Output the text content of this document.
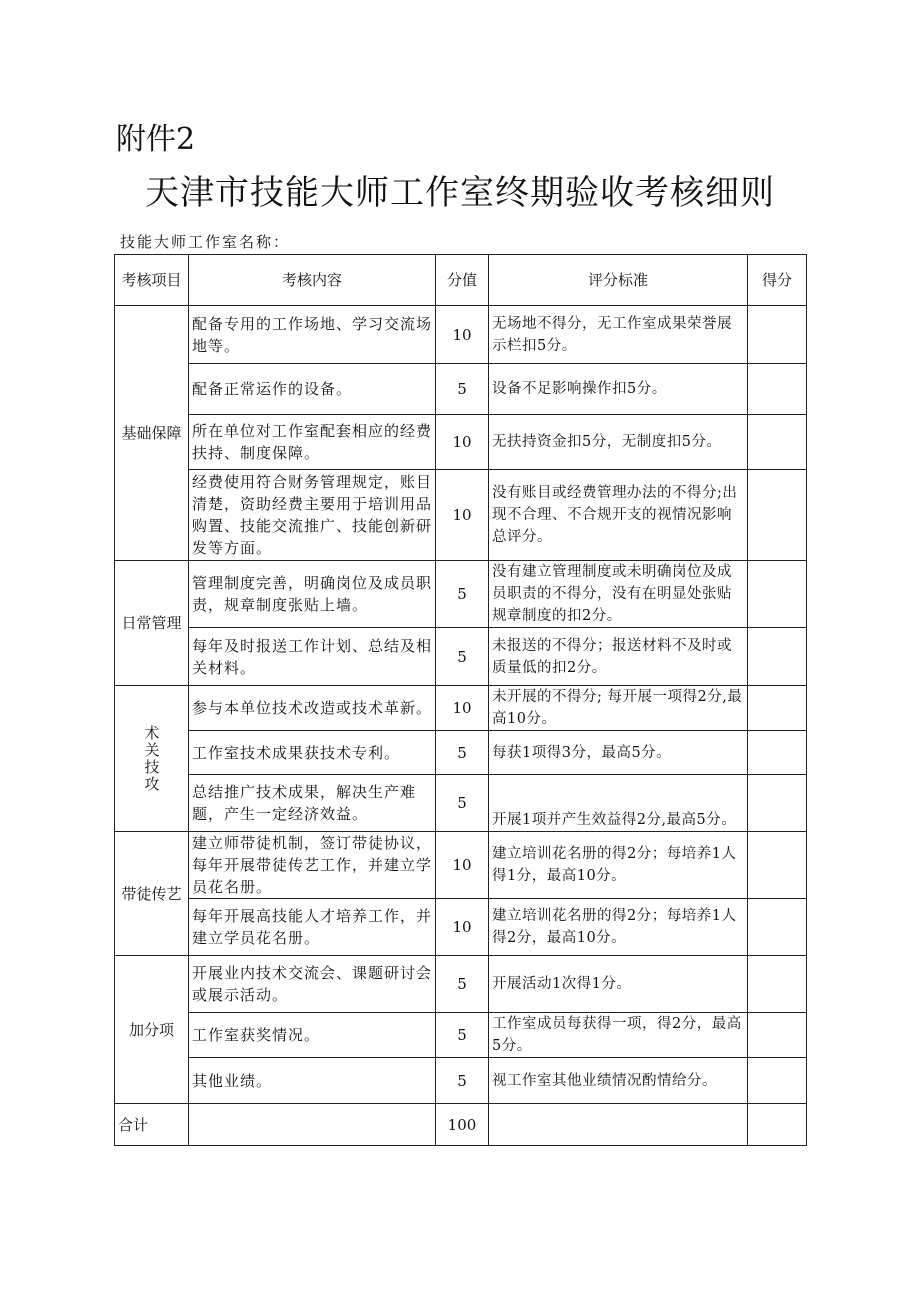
附件2
天津市技能大师工作室终期验收考核细则
技能大师工作室名称：
考核项目	考核内容	分值	评分标准	得分
基础保障	配备专用的工作场地、学习交流场地等。	10	无场地不得分，无工作室成果荣誉展示栏扣5分。	
	配备正常运作的设备。	5	设备不足影响操作扣5分。	
	所在单位对工作室配套相应的经费扶持、制度保障。	10	无扶持资金扣5分，无制度扣5分。	
	经费使用符合财务管理规定，账目清楚，资助经费主要用于培训用品购置、技能交流推广、技能创新研发等方面。	10	没有账目或经费管理办法的不得分;出现不合理、不合规开支的视情况影响总评分。	
日常管理	管理制度完善，明确岗位及成员职责，规章制度张贴上墙。	5	没有建立管理制度或未明确岗位及成员职责的不得分，没有在明显处张贴规章制度的扣2分。	
	每年及时报送工作计划、总结及相关材料。	5	未报送的不得分；报送材料不及时或质量低的扣2分。	
术关技攻	参与本单位技术改造或技术革新。	10	未开展的不得分; 每开展一项得2分,最高10分。	
	工作室技术成果获技术专利。	5	每获1项得3分，最高5分。	
	总结推广技术成果，解决生产难题，产生一定经济效益。	5	开展1项并产生效益得2分,最高5分。	
带徒传艺	建立师带徒机制，签订带徒协议，每年开展带徒传艺工作，并建立学员花名册。	10	建立培训花名册的得2分；每培养1人得1分，最高10分。	
	每年开展高技能人才培养工作，并建立学员花名册。	10	建立培训花名册的得2分；每培养1人得2分，最高10分。	
加分项	开展业内技术交流会、课题研讨会或展示活动。	5	开展活动1次得1分。	
	工作室获奖情况。	5	工作室成员每获得一项，得2分，最高5分。	
	其他业绩。	5	视工作室其他业绩情况酌情给分。	
合计		100		
